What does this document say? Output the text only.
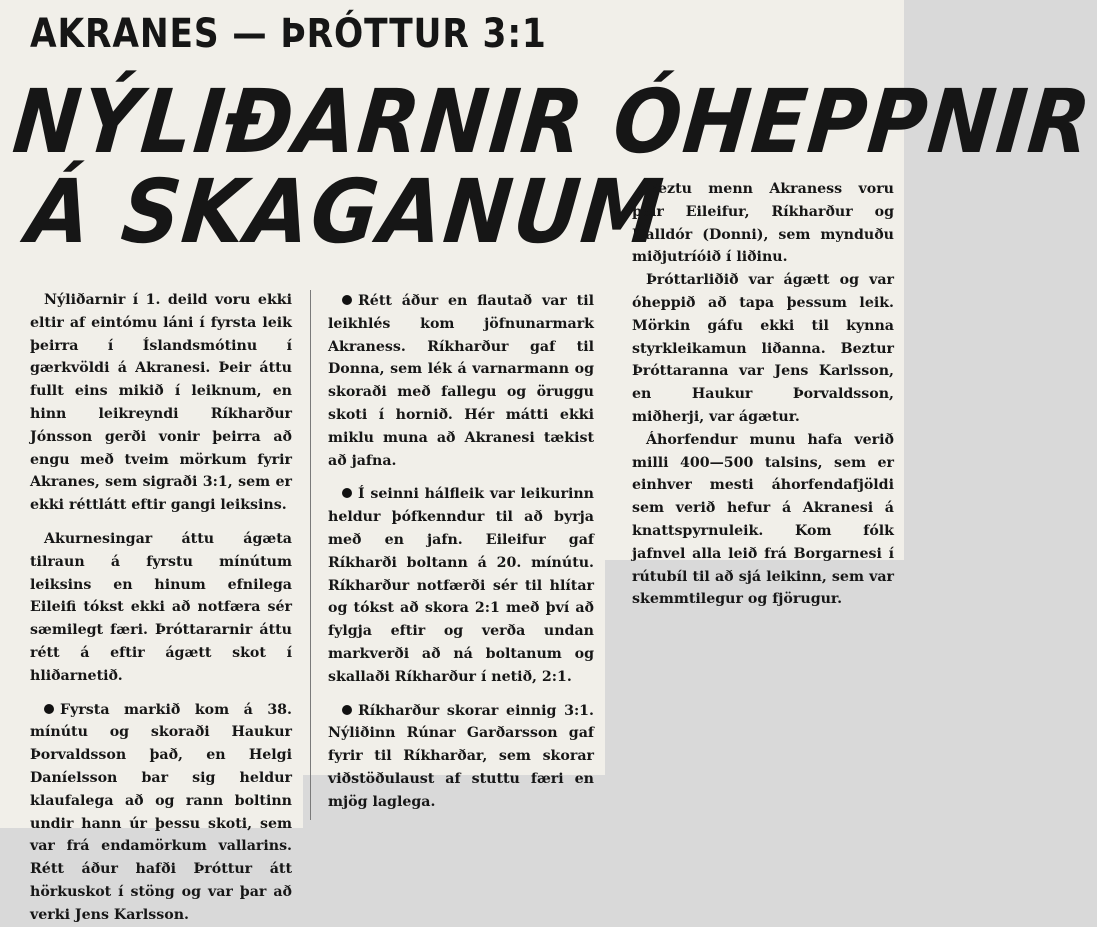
AKRANES — ÞRÓTTUR 3:1
NÝLIÐARNIR ÓHEPPNIR
Á SKAGANUM

Nýliðarnir í 1. deild voru ekki eltir af eintómu láni í fyrsta leik þeirra í Íslandsmótinu í gærkvöldi á Akranesi. Þeir áttu fullt eins mikið í leiknum, en hinn leikreyndi Ríkharður Jónsson gerði vonir þeirra að engu með tveim mörkum fyrir Akranes, sem sigraði 3:1, sem er ekki réttlátt eftir gangi leiksins.

Akurnesingar áttu ágæta tilraun á fyrstu mínútum leiksins en hinum efnilega Eileifi tókst ekki að notfæra sér sæmilegt færi. Þróttararnir áttu rétt á eftir ágætt skot í hliðarnetið.

Fyrsta markið kom á 38. mínútu og skoraði Haukur Þorvaldsson það, en Helgi Daníelsson bar sig heldur klaufalega að og rann boltinn undir hann úr þessu skoti, sem var frá endamörkum vallarins. Rétt áður hafði Þróttur átt hörkuskot í stöng og var þar að verki Jens Karlsson.

Rétt áður en flautað var til leikhlés kom jöfnunarmark Akraness. Ríkharður gaf til Donna, sem lék á varnarmann og skoraði með fallegu og öruggu skoti í hornið. Hér mátti ekki miklu muna að Akranesi tækist að jafna.

Í seinni hálfleik var leikurinn heldur þófkenndur til að byrja með en jafn. Eileifur gaf Ríkharði boltann á 20. mínútu. Ríkharður notfærði sér til hlítar og tókst að skora 2:1 með því að fylgja eftir og verða undan markverði að ná boltanum og skallaði Ríkharður í netið, 2:1.

Ríkharður skorar einnig 3:1. Nýliðinn Rúnar Garðarsson gaf fyrir til Ríkharðar, sem skorar viðstöðulaust af stuttu færi en mjög laglega.

Beztu menn Akraness voru þeir Eileifur, Ríkharður og Halldór (Donni), sem mynduðu miðjutríóið í liðinu.

Þróttarliðið var ágætt og var óheppið að tapa þessum leik. Mörkin gáfu ekki til kynna styrkleikamun liðanna. Beztur Þróttaranna var Jens Karlsson, en Haukur Þorvaldsson, miðherji, var ágætur.

Áhorfendur munu hafa verið milli 400—500 talsins, sem er einhver mesti áhorfendafjöldi sem verið hefur á Akranesi á knattspyrnuleik. Kom fólk jafnvel alla leið frá Borgarnesi í rútubíl til að sjá leikinn, sem var skemmtilegur og fjörugur.
